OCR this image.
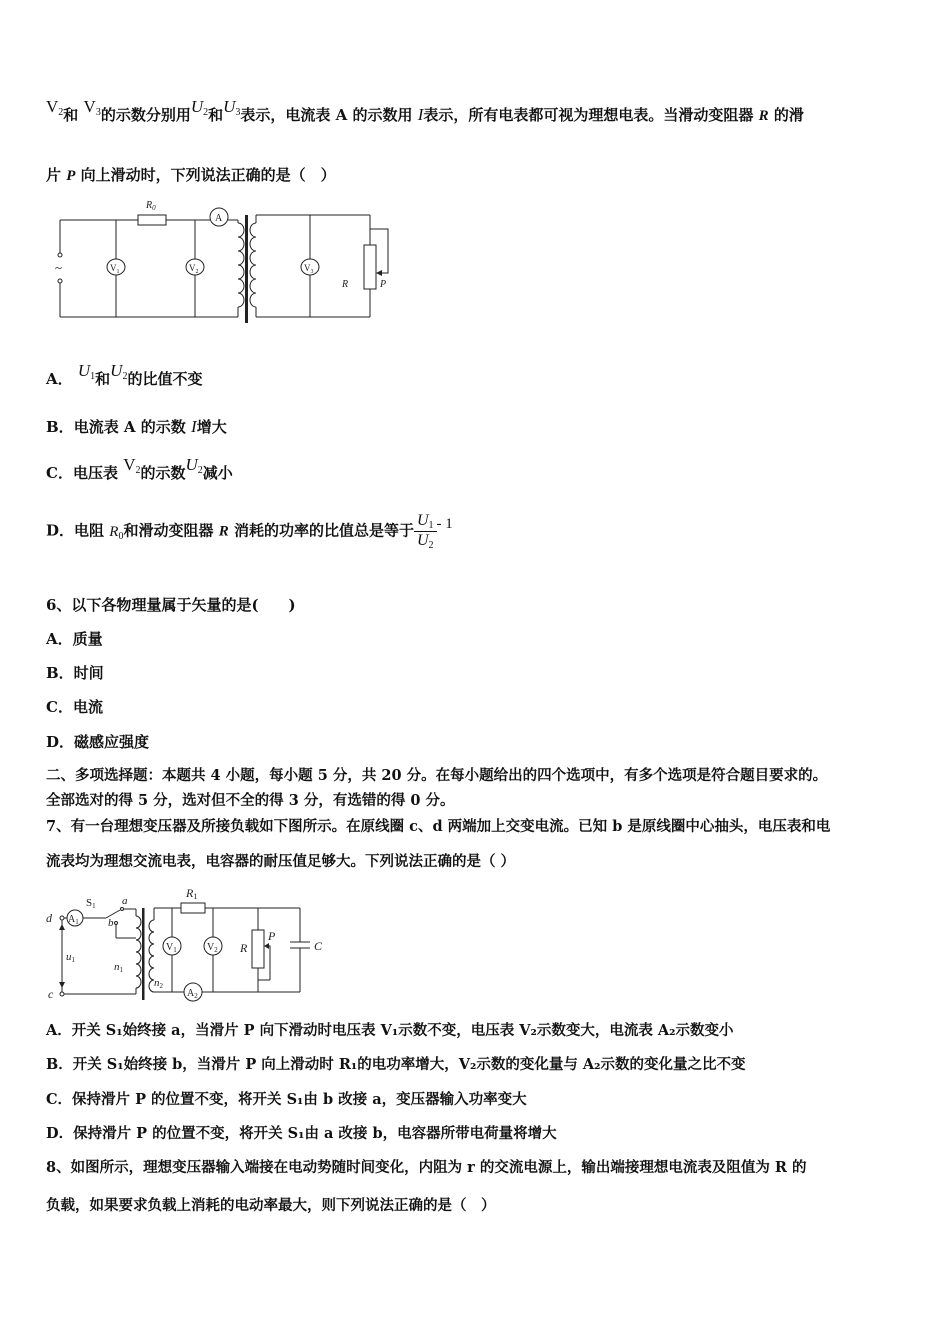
$V_2$和 $V_3$的示数分别用$U_2$和$U_3$表示，电流表 A 的示数用 I表示，所有电表都可视为理想电表。当滑动变阻器 R 的滑
片 P 向上滑动时，下列说法正确的是（　）
$R_0$
A
$V_1$	$V_2$	$V_3$
R	P
~
A． $U_1$和$U_2$的比值不变
B．电流表 A 的示数 I增大
C．电压表 $V_2$的示数$U_2$减小
D．电阻 $R_0$和滑动变阻器 R 消耗的功率的比值总是等于 $\frac{U_1}{U_2} - 1$
6、以下各物理量属于矢量的是(　　)
A．质量
B．时间
C．电流
D．磁感应强度
二、多项选择题：本题共 4 小题，每小题 5 分，共 20 分。在每小题给出的四个选项中，有多个选项是符合题目要求的。
全部选对的得 5 分，选对但不全的得 3 分，有选错的得 0 分。
7、有一台理想变压器及所接负载如下图所示。在原线圈 c、d 两端加上交变电流。已知 b 是原线圈中心抽头，电压表和电
流表均为理想交流电表，电容器的耐压值足够大。下列说法正确的是（ ）
d
c
$A_1$
S1 a
b
u1
n1
n2
R1
$V_1$	$V_2$
$A_2$
R
P
C
A．开关 S₁始终接 a，当滑片 P 向下滑动时电压表 V₁示数不变，电压表 V₂示数变大，电流表 A₂示数变小
B．开关 S₁始终接 b，当滑片 P 向上滑动时 R₁的电功率增大，V₂示数的变化量与 A₂示数的变化量之比不变
C．保持滑片 P 的位置不变，将开关 S₁由 b 改接 a，变压器输入功率变大
D．保持滑片 P 的位置不变，将开关 S₁由 a 改接 b，电容器所带电荷量将增大
8、如图所示，理想变压器输入端接在电动势随时间变化，内阻为 r 的交流电源上，输出端接理想电流表及阻值为 R 的
负载，如果要求负载上消耗的电动率最大，则下列说法正确的是（　）
